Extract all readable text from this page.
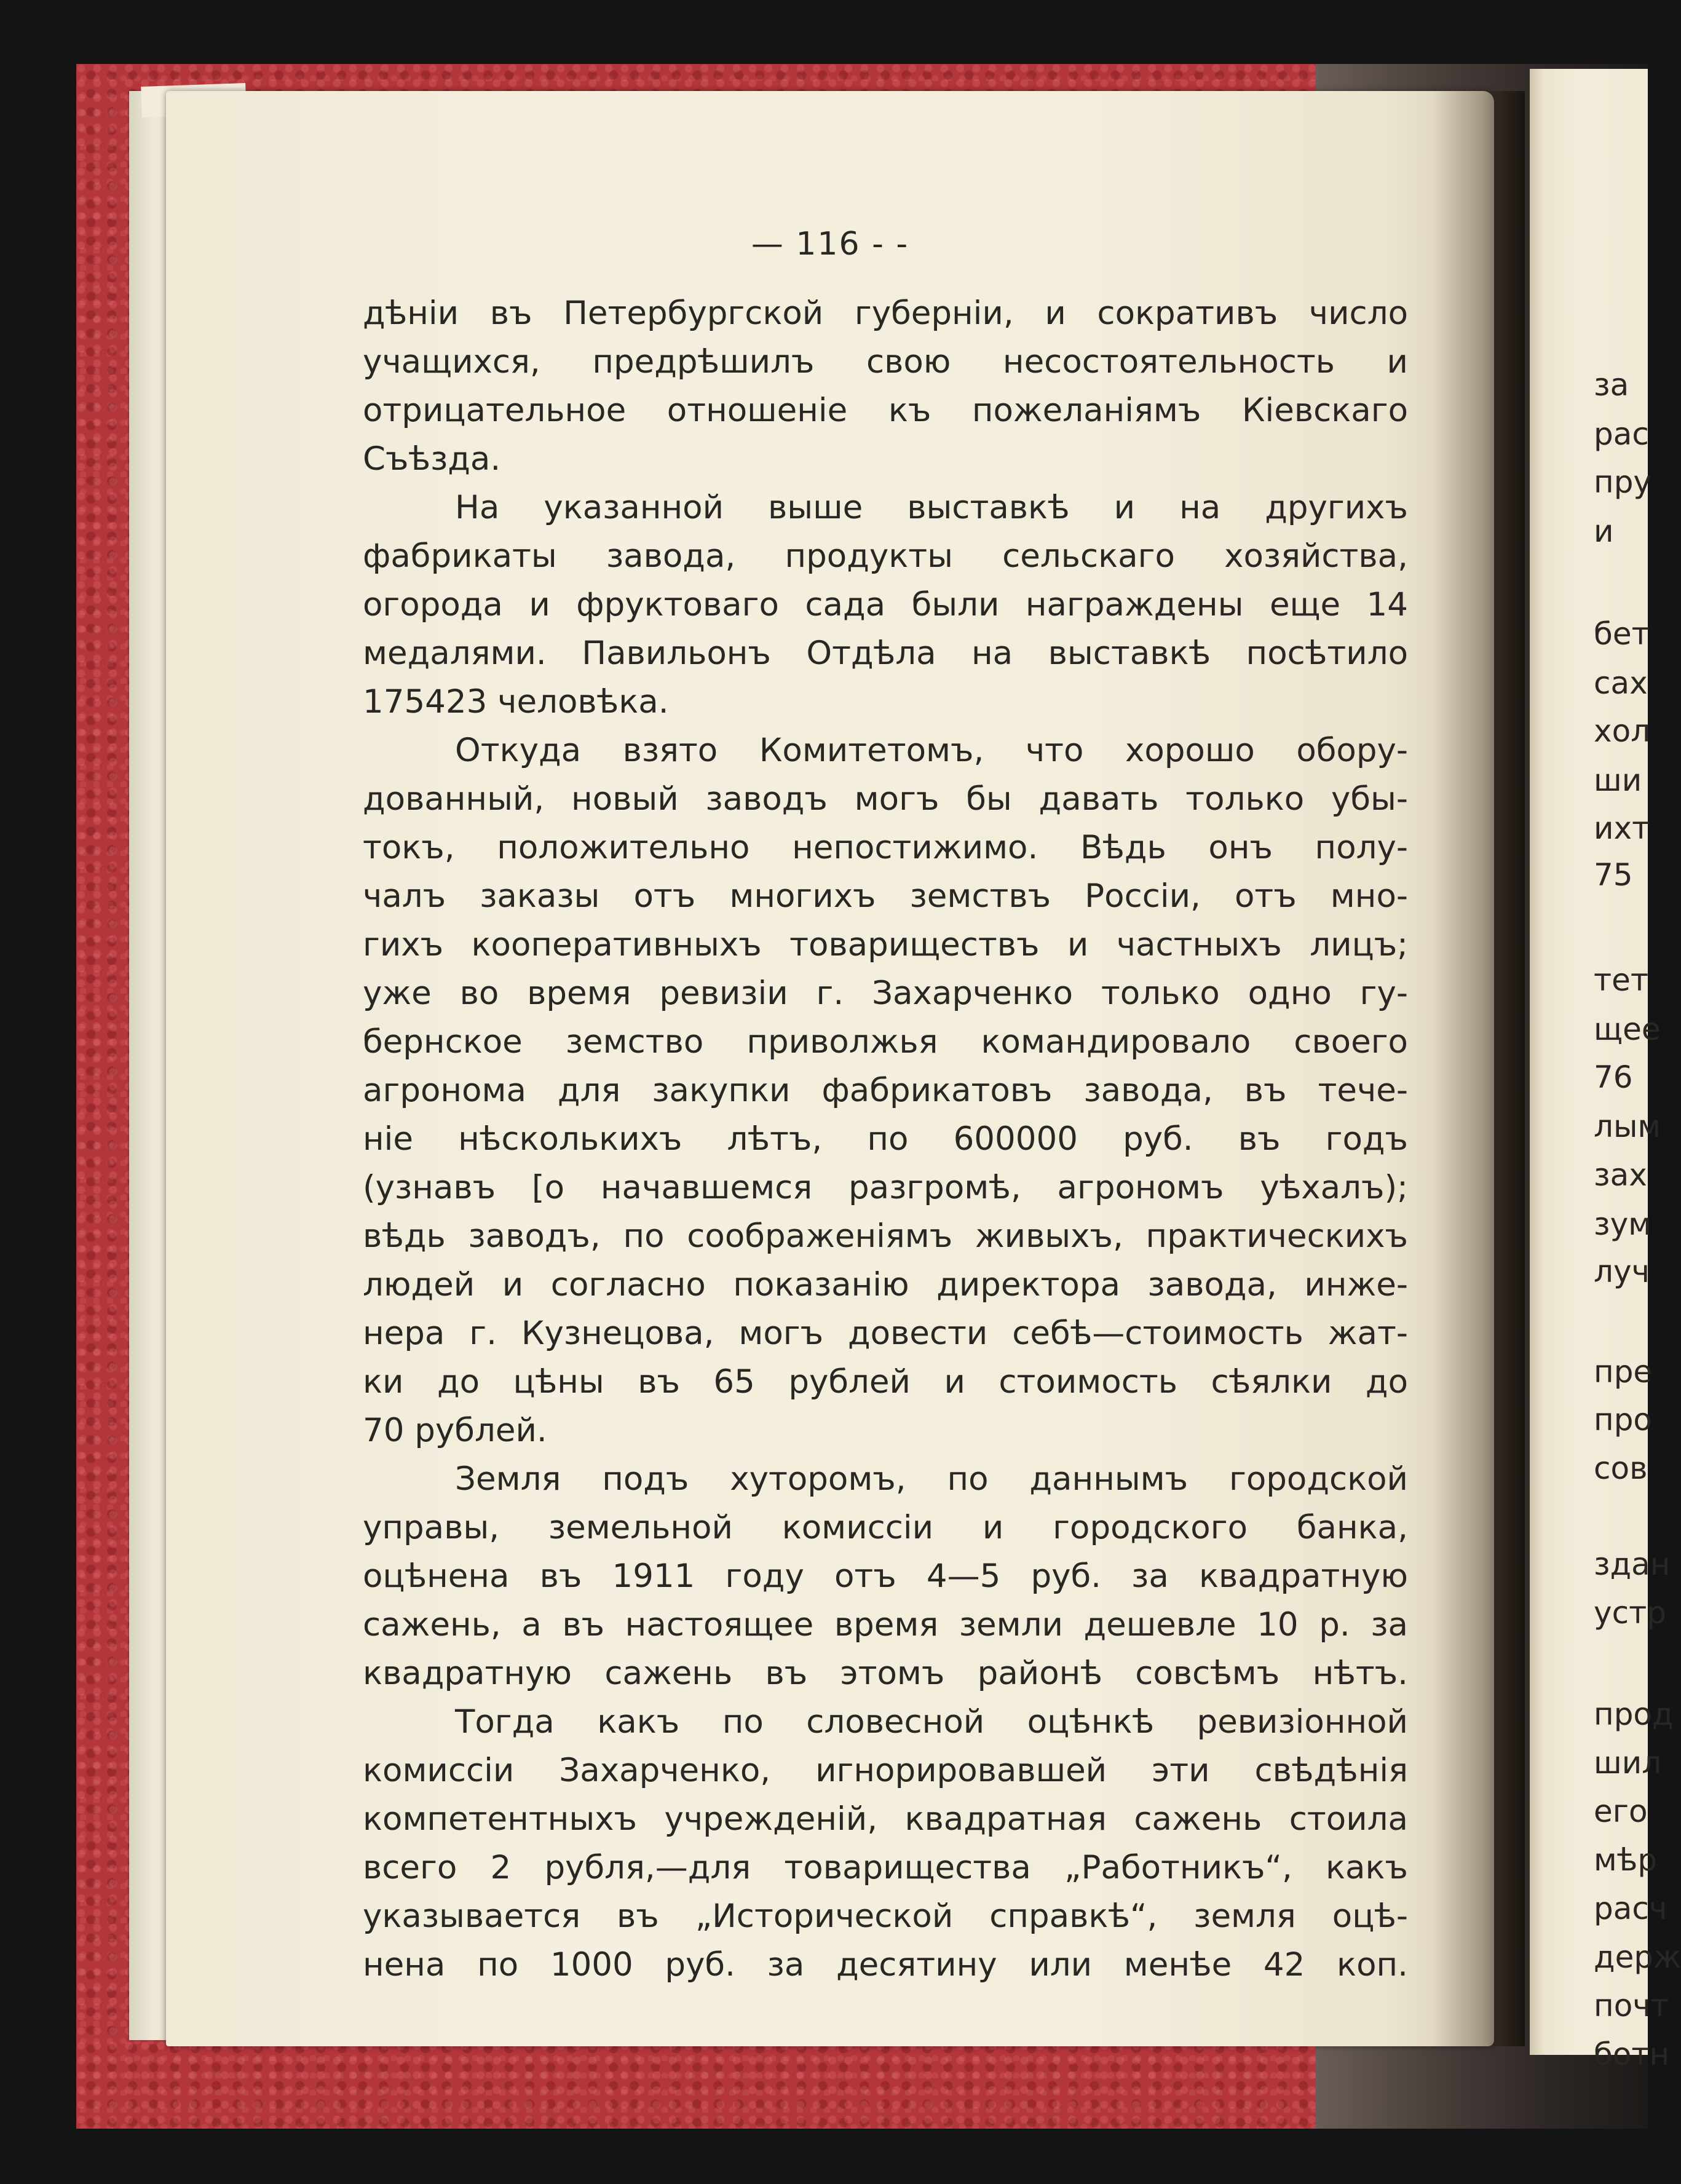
— 116 - -
дѣніи въ Петербургской губерніи, и сокративъ число
учащихся, предрѣшилъ свою несостоятельность и
отрицательное отношеніе къ пожеланіямъ Кіевскаго
Съѣзда.
На указанной выше выставкѣ и на другихъ
фабрикаты завода, продукты сельскаго хозяйства,
огорода и фруктоваго сада были награждены еще 14
медалями. Павильонъ Отдѣла на выставкѣ посѣтило
175423 человѣка.
Откуда взято Комитетомъ, что хорошо обору-
дованный, новый заводъ могъ бы давать только убы-
токъ, положительно непостижимо. Вѣдь онъ полу-
чалъ заказы отъ многихъ земствъ Россіи, отъ мно-
гихъ кооперативныхъ товариществъ и частныхъ лицъ;
уже во время ревизіи г. Захарченко только одно гу-
бернское земство приволжья командировало своего
агронома для закупки фабрикатовъ завода, въ тече-
ніе нѣсколькихъ лѣтъ, по 600000 руб. въ годъ
(узнавъ [о начавшемся разгромѣ, агрономъ уѣхалъ);
вѣдь заводъ, по соображеніямъ живыхъ, практическихъ
людей и согласно показанію директора завода, инже-
нера г. Кузнецова, могъ довести себѣ—стоимость жат-
ки до цѣны въ 65 рублей и стоимость сѣялки до
70 рублей.
Земля подъ хуторомъ, по даннымъ городской
управы, земельной комиссіи и городского банка,
оцѣнена въ 1911 году отъ 4—5 руб. за квадратную
сажень, а въ настоящее время земли дешевле 10 р. за
квадратную сажень въ этомъ районѣ совсѣмъ нѣтъ.
Тогда какъ по словесной оцѣнкѣ ревизіонной
комиссіи Захарченко, игнорировавшей эти свѣдѣнія
компетентныхъ учрежденій, квадратная сажень стоила
всего 2 рубля,—для товарищества „Работникъ“, какъ
указывается въ „Исторической справкѣ“, земля оцѣ-
нена по 1000 руб. за десятину или менѣе 42 коп.
за
рас
пру
и
бет
сах
хол
ши
ихт
75
тет
щее
76
лым
зах
зум
луч
пре
про
сов
здан
устр
прод
шил
его
мѣр
расч
держ
почт
ботн
